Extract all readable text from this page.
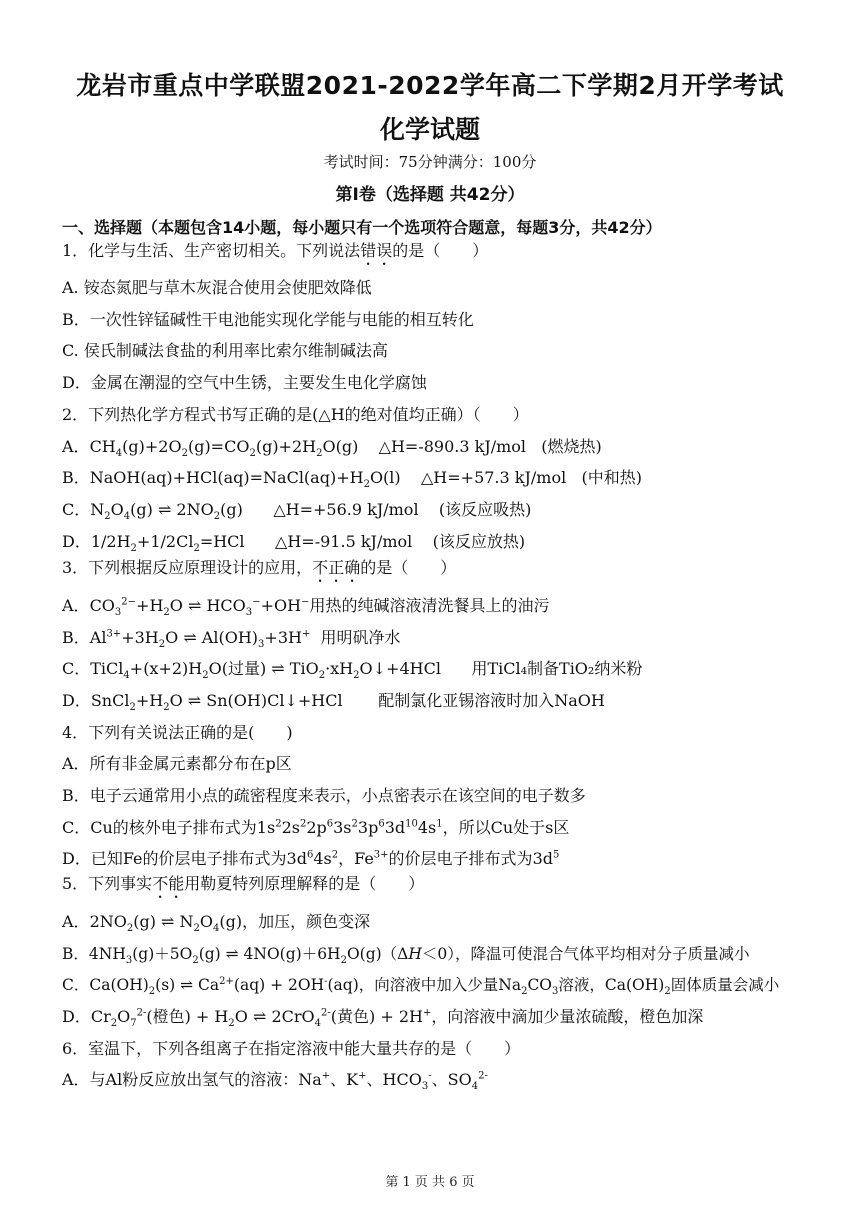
龙岩市重点中学联盟2021-2022学年高二下学期2月开学考试
化学试题
考试时间：75分钟满分：100分
第Ⅰ卷（选择题 共42分）
一、选择题（本题包含14小题，每小题只有一个选项符合题意，每题3分，共42分）
1．化学与生活、生产密切相关。下列说法错误的是（　　）
A. 铵态氮肥与草木灰混合使用会使肥效降低
B．一次性锌锰碱性干电池能实现化学能与电能的相互转化
C. 侯氏制碱法食盐的利用率比索尔维制碱法高
D．金属在潮湿的空气中生锈，主要发生电化学腐蚀
2．下列热化学方程式书写正确的是(△H的绝对值均正确）（　　）
A．$CH_4(g)+2O_2(g)=CO_2(g)+2H_2O(g)$    △H=-890.3 kJ/mol   (燃烧热)
B．$NaOH(aq)+HCl(aq)=NaCl(aq)+H_2O(l)$    △H=+57.3 kJ/mol   (中和热)
C．$N_2O_4(g)$ ⇌ $2NO_2(g)$      △H=+56.9 kJ/mol    (该反应吸热)
D．$1/2H_2+1/2Cl_2=HCl$      △H=-91.5 kJ/mol    (该反应放热)
3．下列根据反应原理设计的应用，不正确的是（　　）
A．$CO_3^{2-}+H_2O$ ⇌ $HCO_3^-+OH^-$用热的纯碱溶液清洗餐具上的油污
B．$Al^{3+}+3H_2O$ ⇌ $Al(OH)_3+3H^+$ 用明矾净水
C．$TiCl_4+(x+2)H_2O$(过量) ⇌ $TiO_2\cdot xH_2O↓+4HCl$      用TiCl₄制备TiO₂纳米粉
D．$SnCl_2+H_2O$ ⇌ Sn(OH)Cl↓+HCl       配制氯化亚锡溶液时加入NaOH
4．下列有关说法正确的是(　　)
A．所有非金属元素都分布在p区
B．电子云通常用小点的疏密程度来表示，小点密表示在该空间的电子数多
C．Cu的核外电子排布式为$1s^22s^22p^63s^23p^63d^{10}4s^1$，所以Cu处于s区
D．已知Fe的价层电子排布式为$3d^64s^2$，$Fe^{3+}$的价层电子排布式为$3d^5$
5．下列事实不能用勒夏特列原理解释的是（　　）
A．$2NO_2(g)$ ⇌ $N_2O_4(g)$，加压，颜色变深
B．$4NH_3(g)+5O_2(g)$ ⇌ $4NO(g)+6H_2O(g)(\Delta H<0)$，降温可使混合气体平均相对分子质量减小
C．$Ca(OH)_2(s)$ ⇌ $Ca^{2+}(aq) + 2OH^-(aq)$，向溶液中加入少量$Na_2CO_3$溶液，$Ca(OH)_2$固体质量会减小
D．$Cr_2O_7^{2-}$(橙色) + $H_2O$ ⇌ 2CrO$_4^{2-}$(黄色) + 2H+，向溶液中滴加少量浓硫酸，橙色加深
6．室温下，下列各组离子在指定溶液中能大量共存的是（　　）
A．与Al粉反应放出氢气的溶液：Na+、K+、$HCO_3^-$、$SO_4^{2-}$
第 1 页 共 6 页
